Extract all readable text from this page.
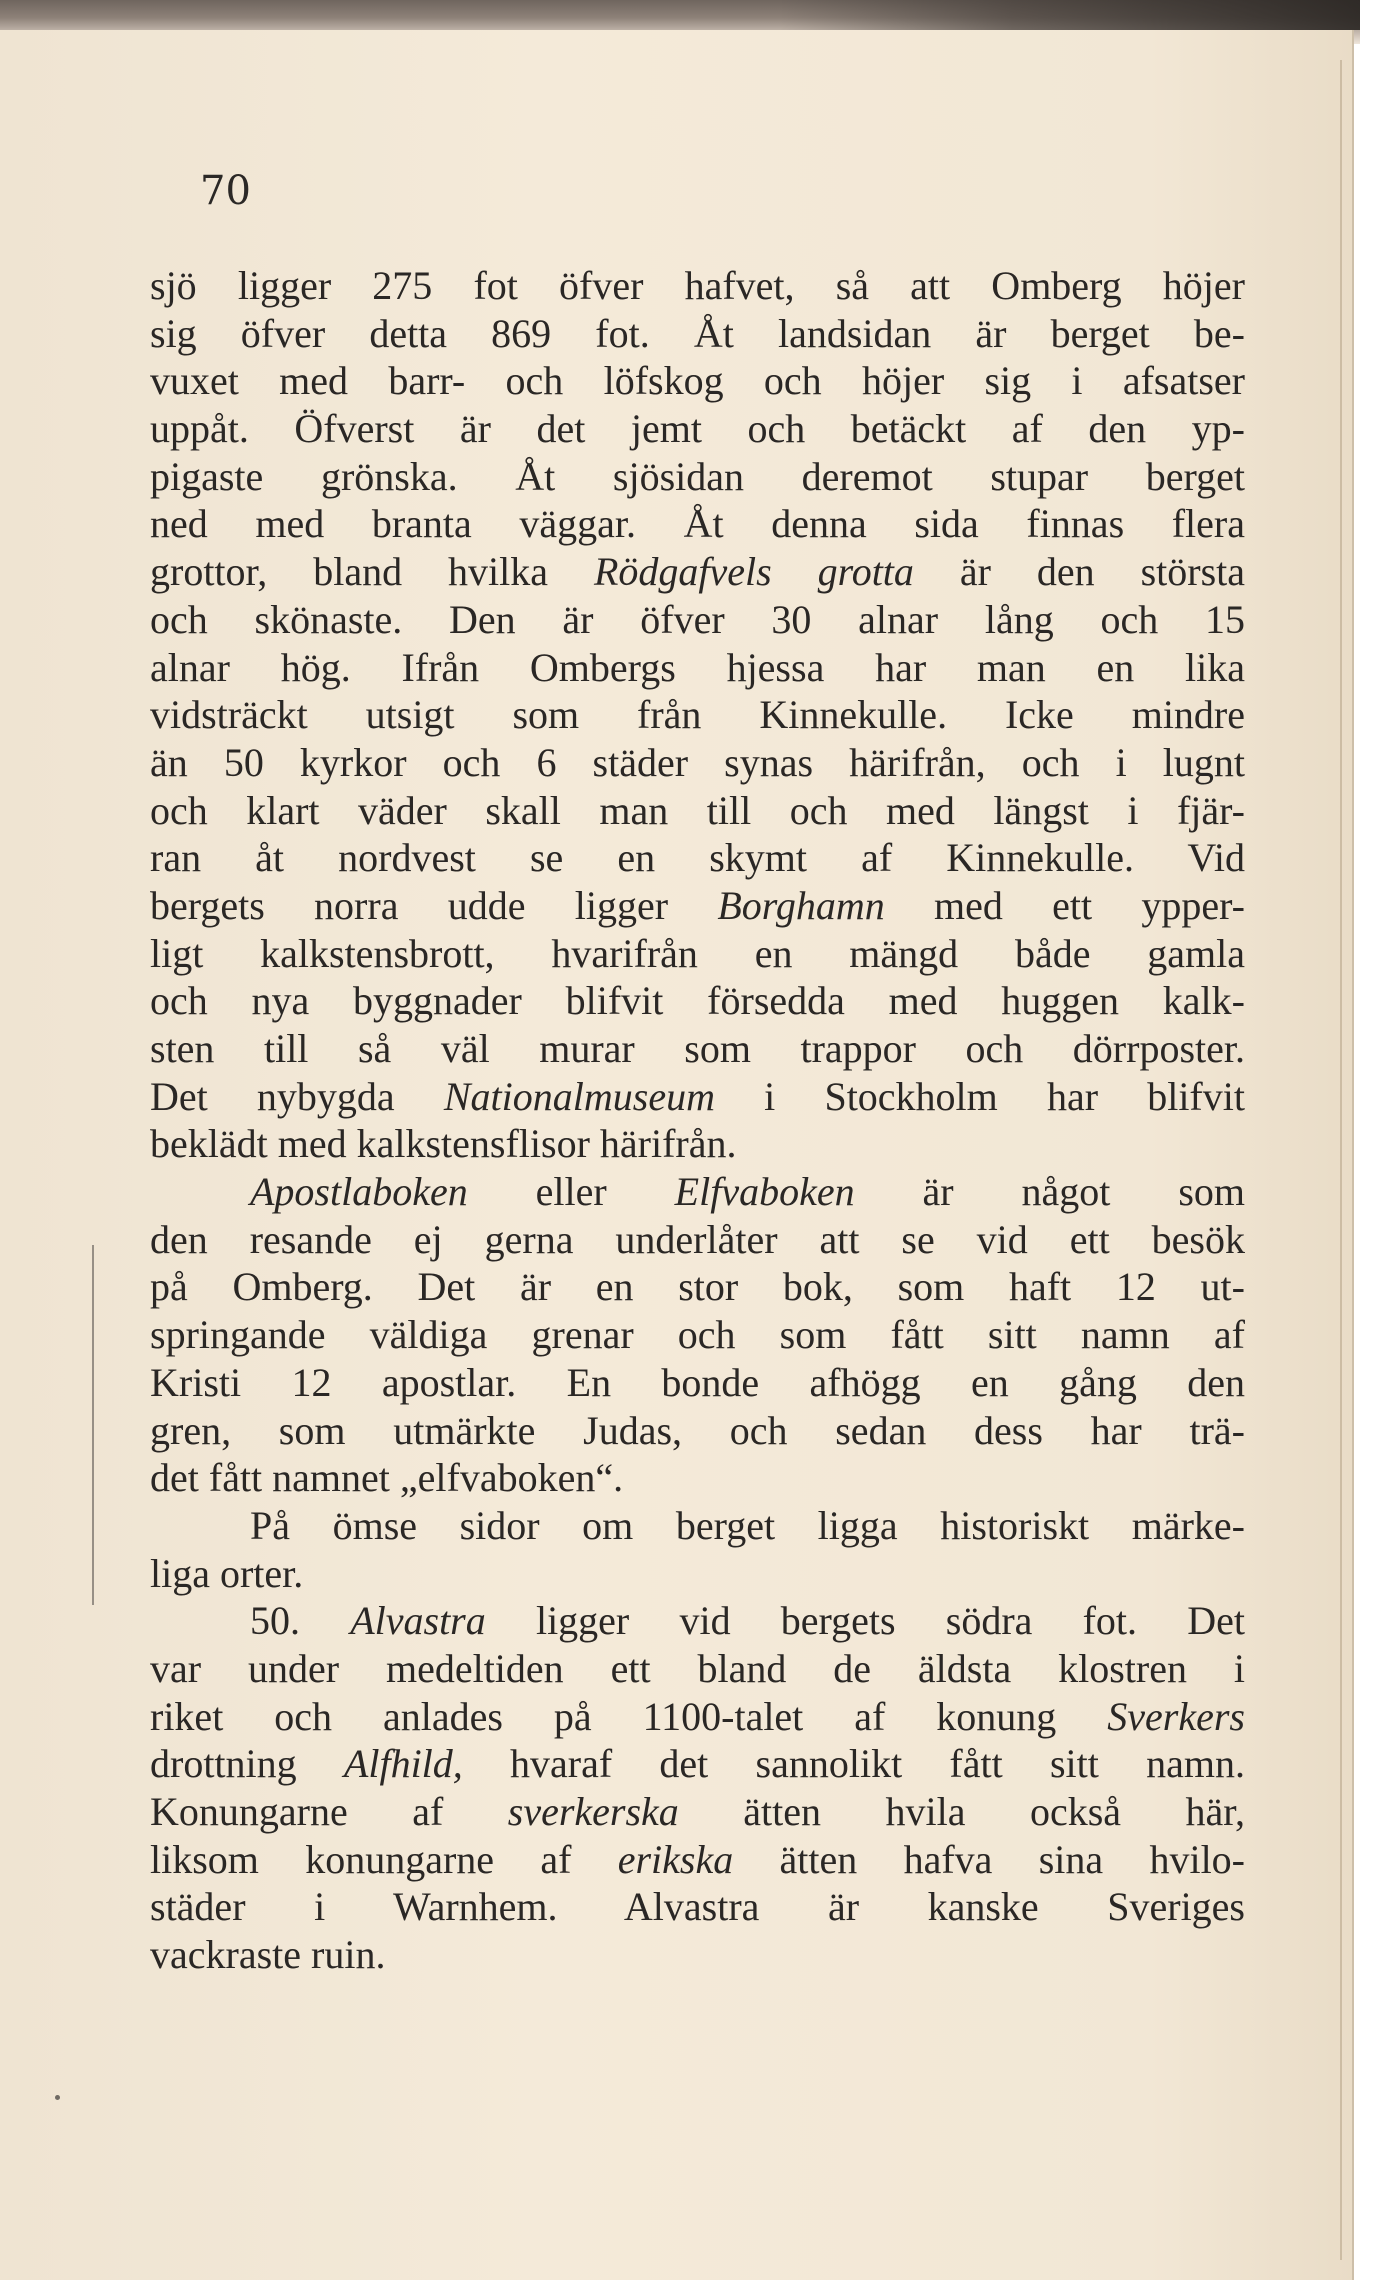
70
sjö ligger 275 fot öfver hafvet, så att Omberg höjer
sig öfver detta 869 fot. Åt landsidan är berget be-
vuxet med barr- och löfskog och höjer sig i afsatser
uppåt. Öfverst är det jemt och betäckt af den yp-
pigaste grönska. Åt sjösidan deremot stupar berget
ned med branta väggar. Åt denna sida finnas flera
grottor, bland hvilka Rödgafvels grotta är den största
och skönaste. Den är öfver 30 alnar lång och 15
alnar hög. Ifrån Ombergs hjessa har man en lika
vidsträckt utsigt som från Kinnekulle. Icke mindre
än 50 kyrkor och 6 städer synas härifrån, och i lugnt
och klart väder skall man till och med längst i fjär-
ran åt nordvest se en skymt af Kinnekulle. Vid
bergets norra udde ligger Borghamn med ett ypper-
ligt kalkstensbrott, hvarifrån en mängd både gamla
och nya byggnader blifvit försedda med huggen kalk-
sten till så väl murar som trappor och dörrposter.
Det nybygda Nationalmuseum i Stockholm har blifvit
beklädt med kalkstensflisor härifrån.
Apostlaboken eller Elfvaboken är något som
den resande ej gerna underlåter att se vid ett besök
på Omberg. Det är en stor bok, som haft 12 ut-
springande väldiga grenar och som fått sitt namn af
Kristi 12 apostlar. En bonde afhögg en gång den
gren, som utmärkte Judas, och sedan dess har trä-
det fått namnet „elfvaboken“.
På ömse sidor om berget ligga historiskt märke-
liga orter.
50. Alvastra ligger vid bergets södra fot. Det
var under medeltiden ett bland de äldsta klostren i
riket och anlades på 1100-talet af konung Sverkers
drottning Alfhild, hvaraf det sannolikt fått sitt namn.
Konungarne af sverkerska ätten hvila också här,
liksom konungarne af erikska ätten hafva sina hvilo-
städer i Warnhem. Alvastra är kanske Sveriges
vackraste ruin.
